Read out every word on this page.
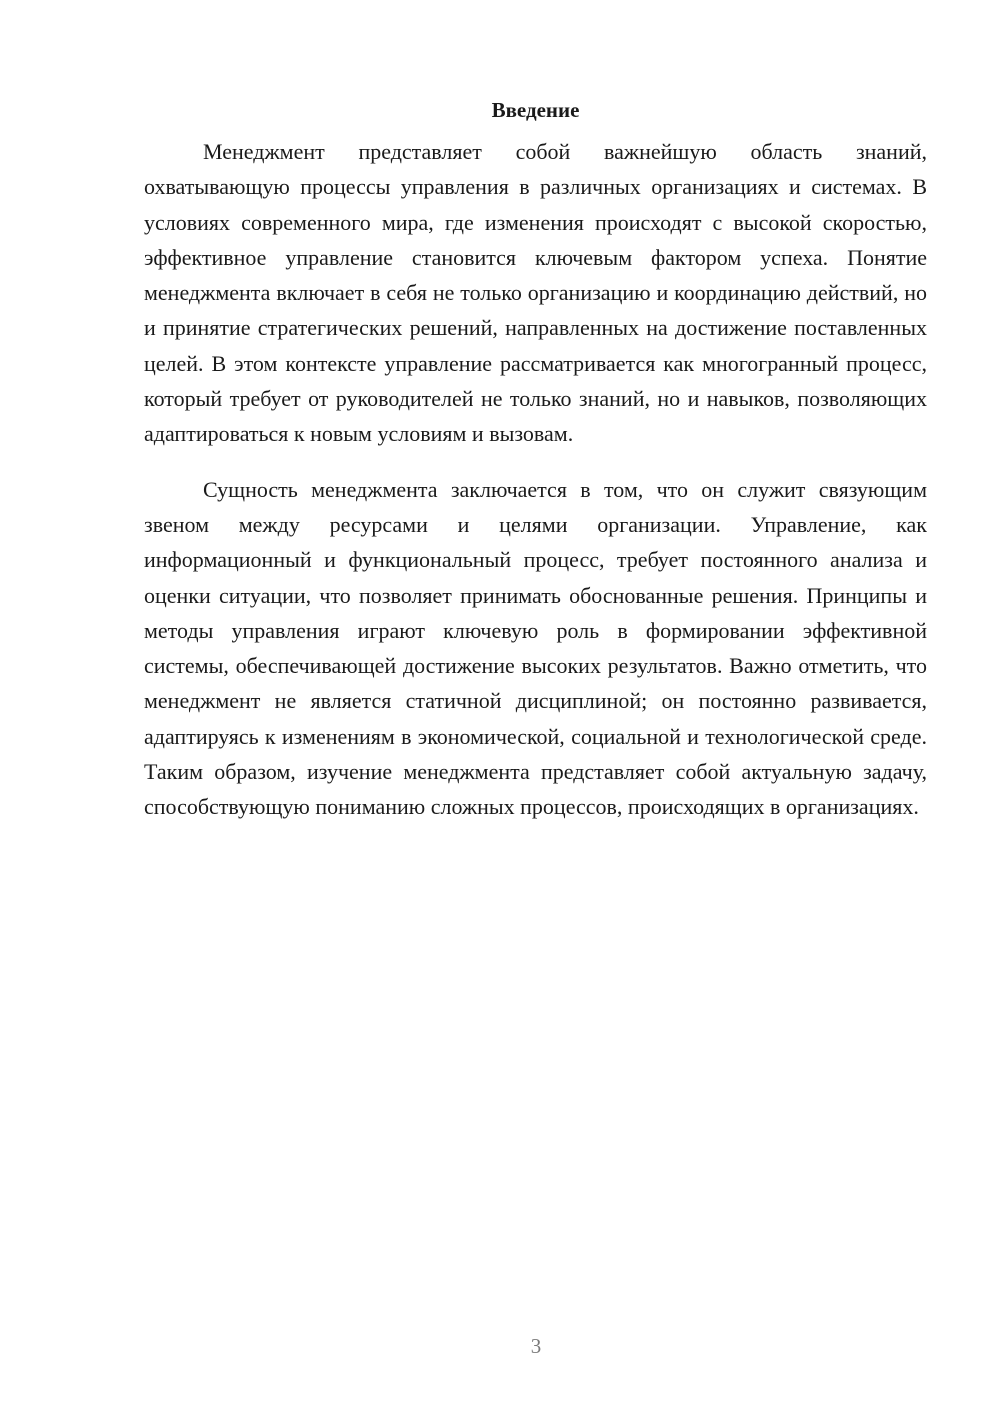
Введение

Менеджмент представляет собой важнейшую область знаний, охватывающую процессы управления в различных организациях и системах. В условиях современного мира, где изменения происходят с высокой скоростью, эффективное управление становится ключевым фактором успеха. Понятие менеджмента включает в себя не только организацию и координацию действий, но и принятие стратегических решений, направленных на достижение поставленных целей. В этом контексте управление рассматривается как многогранный процесс, который требует от руководителей не только знаний, но и навыков, позволяющих адаптироваться к новым условиям и вызовам.

Сущность менеджмента заключается в том, что он служит связующим звеном между ресурсами и целями организации. Управление, как информационный и функциональный процесс, требует постоянного анализа и оценки ситуации, что позволяет принимать обоснованные решения. Принципы и методы управления играют ключевую роль в формировании эффективной системы, обеспечивающей достижение высоких результатов. Важно отметить, что менеджмент не является статичной дисциплиной; он постоянно развивается, адаптируясь к изменениям в экономической, социальной и технологической среде. Таким образом, изучение менеджмента представляет собой актуальную задачу, способствующую пониманию сложных процессов, происходящих в организациях.

3
